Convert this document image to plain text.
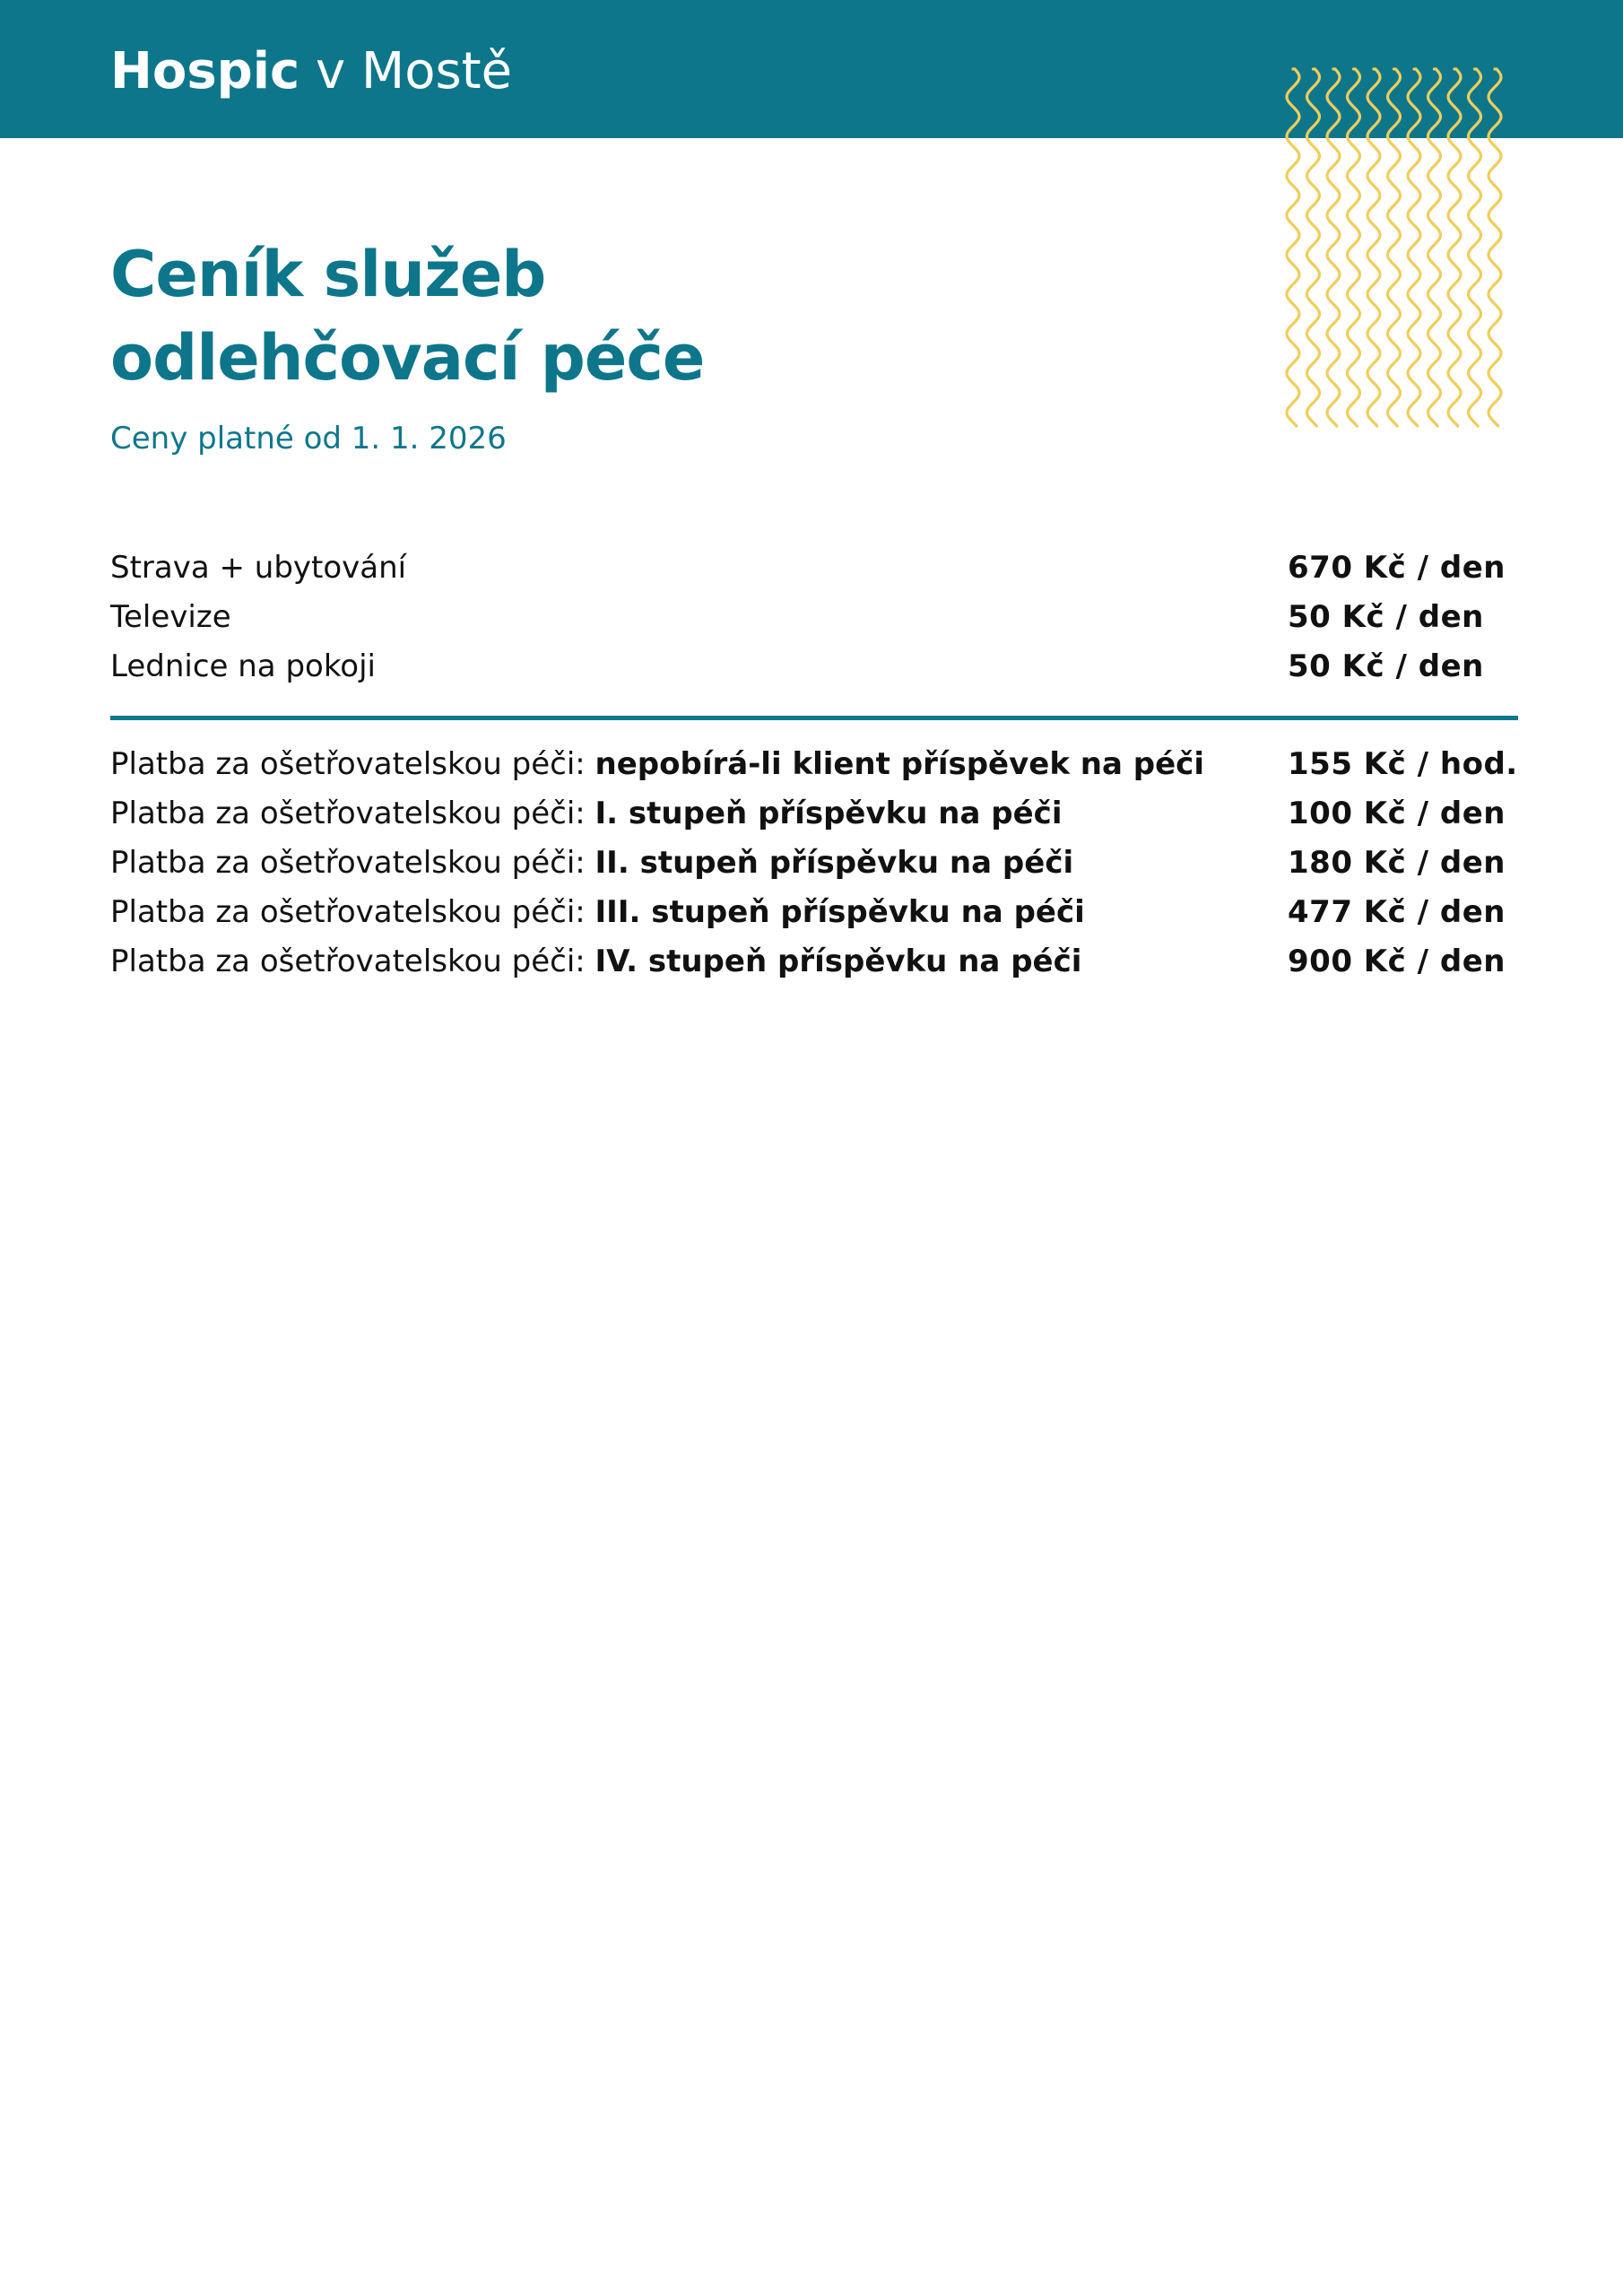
Hospic v Mostě
Ceník služeb
odlehčovací péče
Ceny platné od 1. 1. 2026
Strava + ubytování	670 Kč / den
Televize	50 Kč / den
Lednice na pokoji	50 Kč / den
Platba za ošetřovatelskou péči: nepobírá-li klient příspěvek na péči	155 Kč / hod.
Platba za ošetřovatelskou péči: I. stupeň příspěvku na péči	100 Kč / den
Platba za ošetřovatelskou péči: II. stupeň příspěvku na péči	180 Kč / den
Platba za ošetřovatelskou péči: III. stupeň příspěvku na péči	477 Kč / den
Platba za ošetřovatelskou péči: IV. stupeň příspěvku na péči	900 Kč / den
